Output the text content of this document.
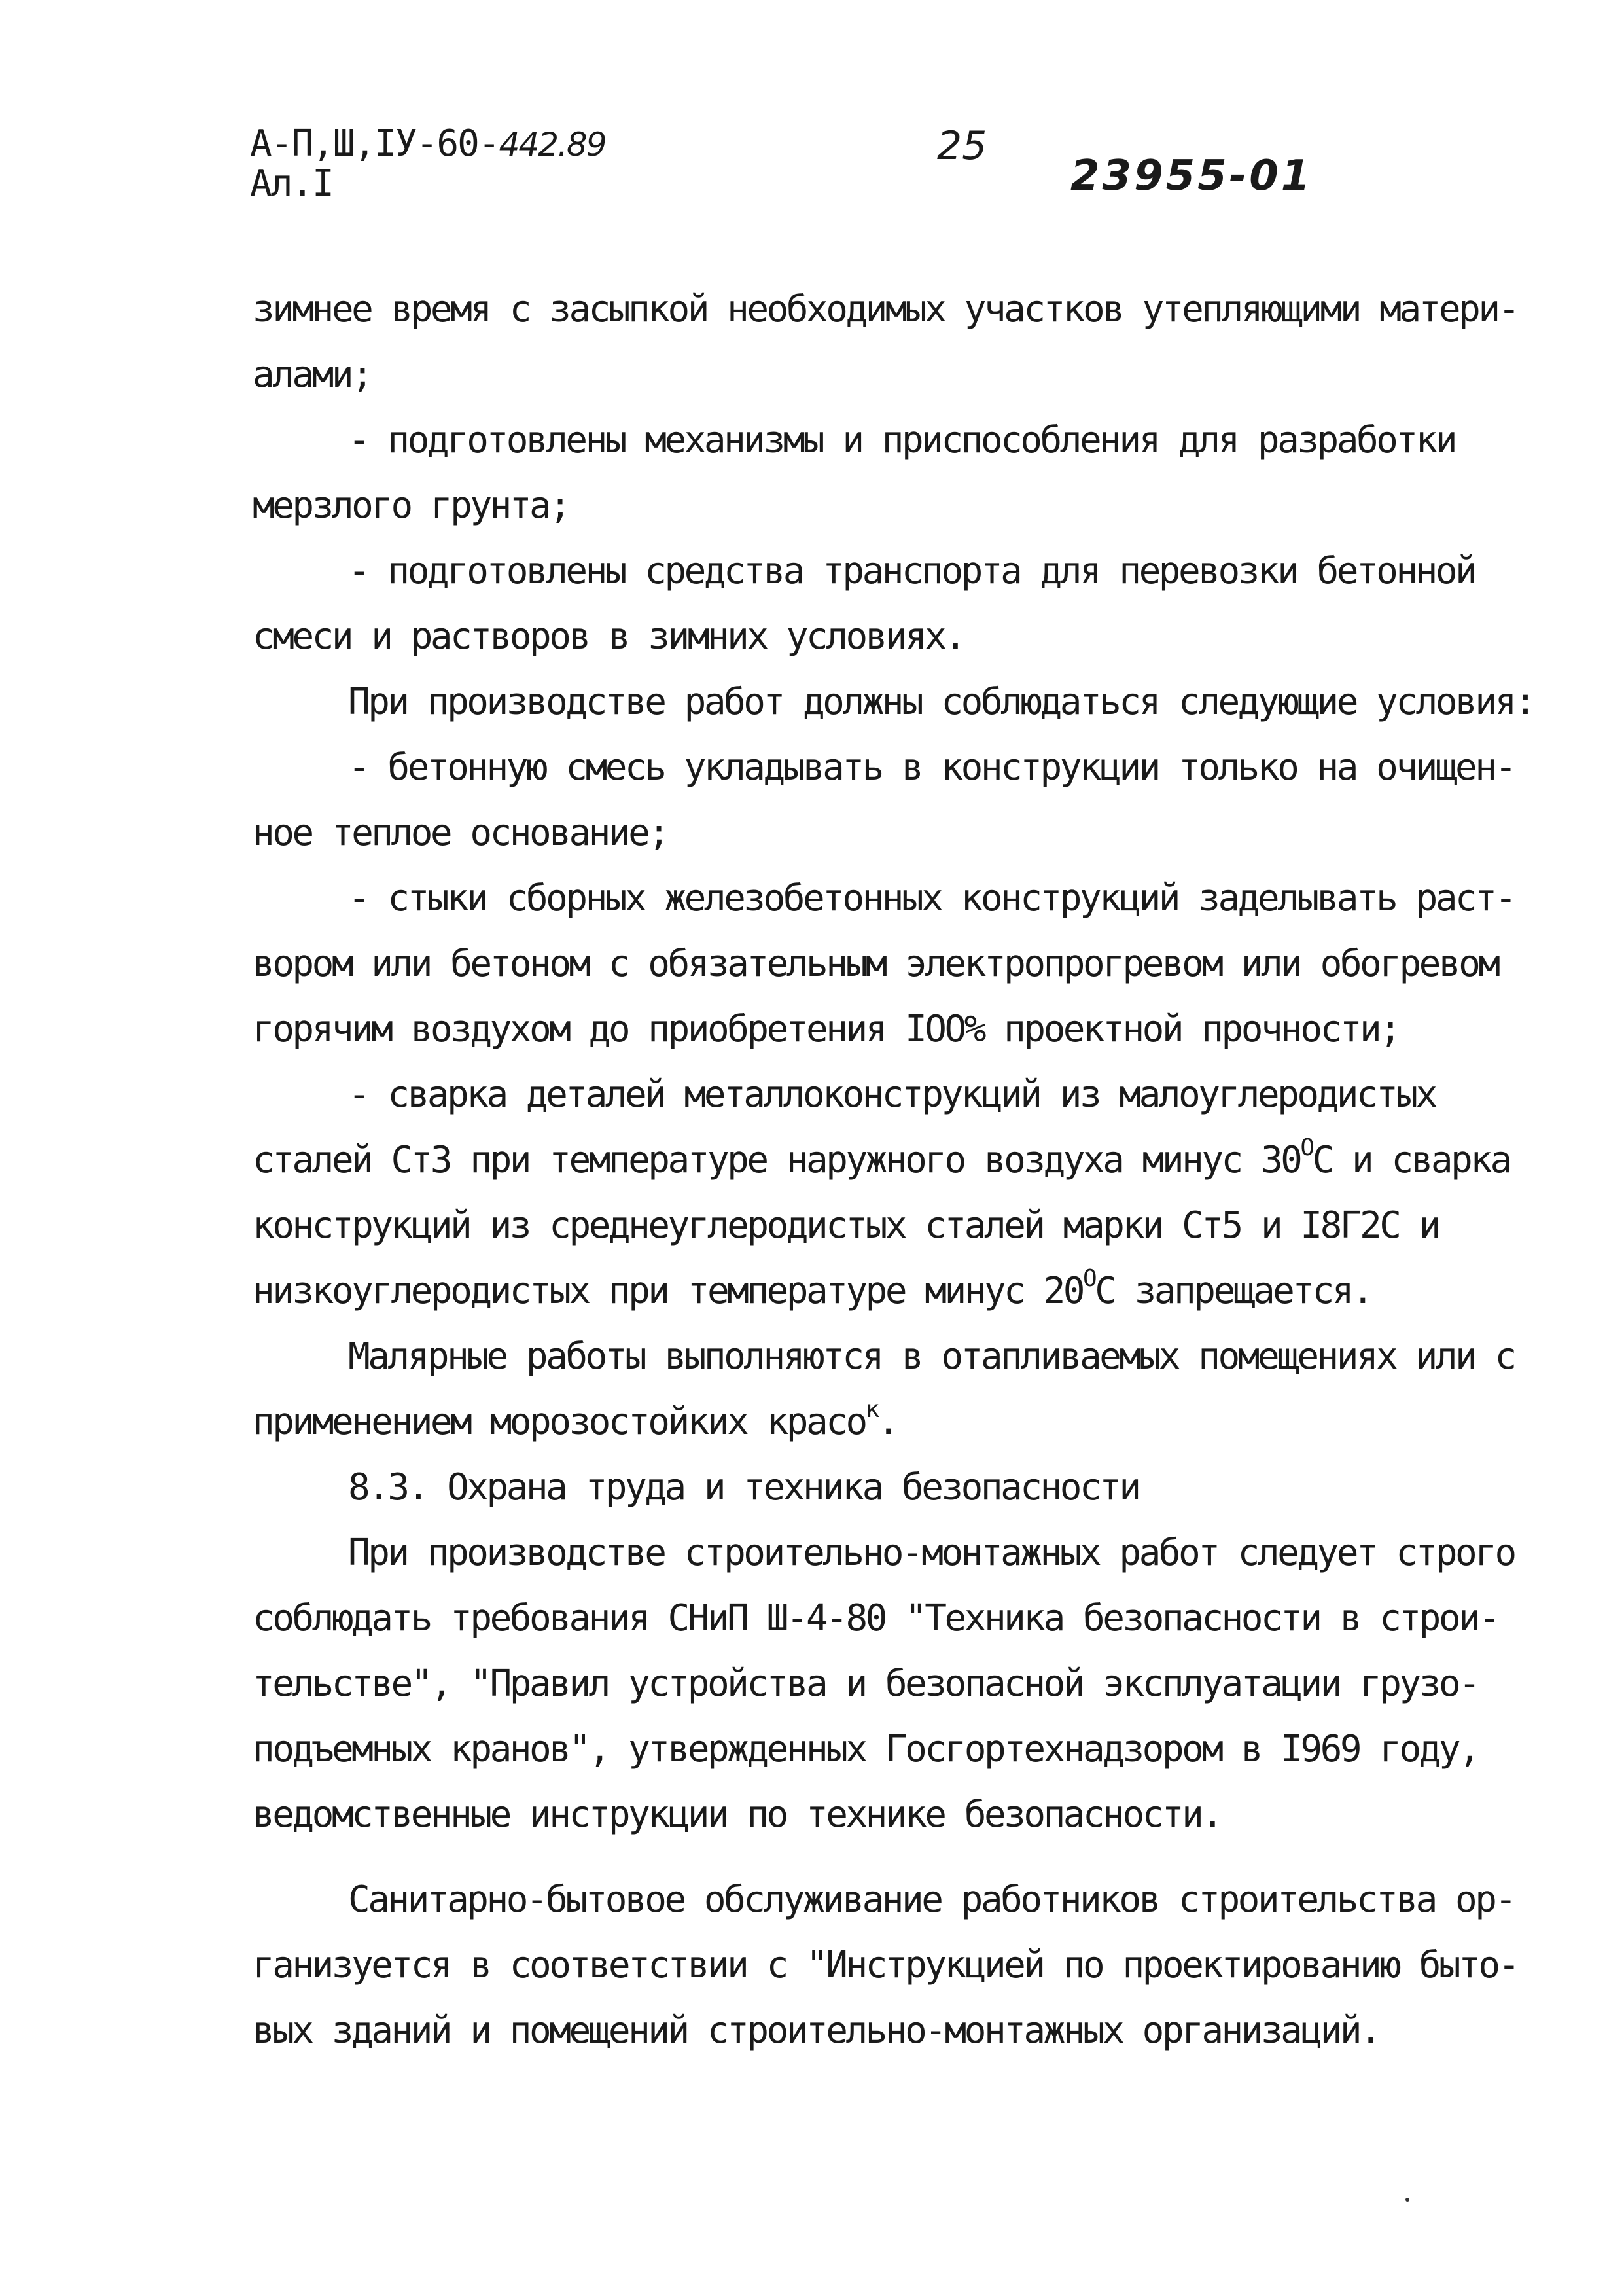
А-П,Ш,IУ-60-442.89
Ал.I
25
23955-01

зимнее время с засыпкой необходимых участков утепляющими матери-

алами;

- подготовлены механизмы и приспособления для разработки

мерзлого грунта;

- подготовлены средства транспорта для перевозки бетонной

смеси и растворов в зимних условиях.

При производстве работ должны соблюдаться следующие условия:

- бетонную смесь укладывать в конструкции только на очищен-

ное теплое основание;

- стыки сборных железобетонных конструкций заделывать раст-

вором или бетоном с обязательным электропрогревом или обогревом

горячим воздухом до приобретения IOO% проектной прочности;

- сварка деталей металлоконструкций из малоуглеродистых

сталей Ст3 при температуре наружного воздуха минус $30^ОС$ и сварка

конструкций из среднеуглеродистых сталей марки Ст5 и I8Г2С и

низкоуглеродистых при температуре минус $20^ОС$ запрещается.

Малярные работы выполняются в отапливаемых помещениях или с

применением морозостойких красо$^к$.

8.3. Охрана труда и техника безопасности

При производстве строительно-монтажных работ следует строго

соблюдать требования СНиП Ш-4-80 "Техника безопасности в строи-

тельстве", "Правил устройства и безопасной эксплуатации грузо-

подъемных кранов", утвержденных Госгортехнадзором в I969 году,

ведомственные инструкции по технике безопасности.

Санитарно-бытовое обслуживание работников строительства ор-

ганизуется в соответствии с "Инструкцией по проектированию быто-

вых зданий и помещений строительно-монтажных организаций.
